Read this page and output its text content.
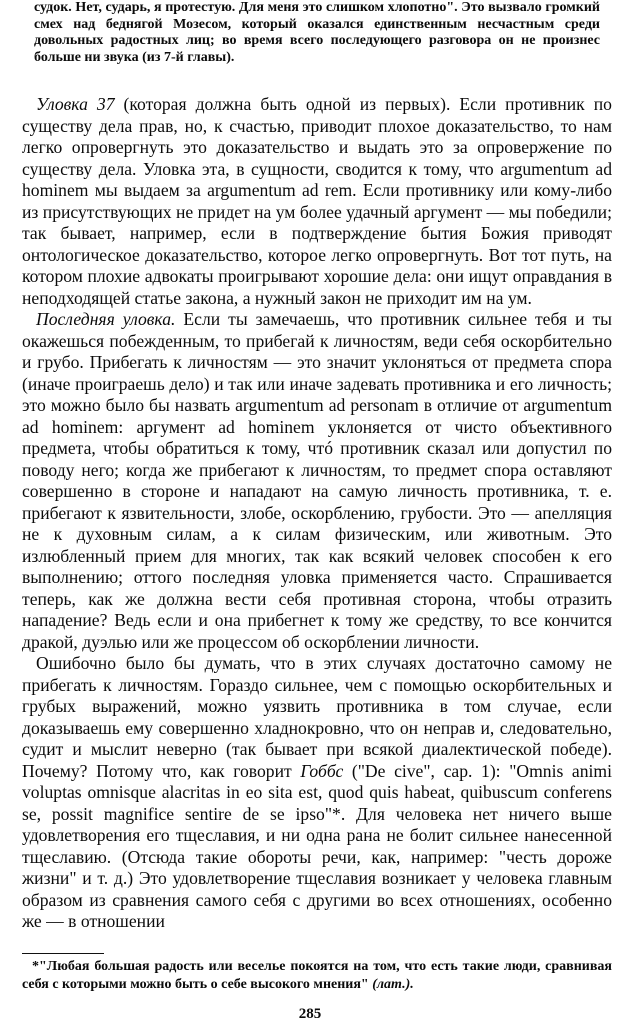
судок. Нет, сударь, я протестую. Для меня это слишком хлопотно". Это вызвало громкий смех над беднягой Мозесом, который оказался единственным несчастным среди довольных радостных лиц; во время всего последующего разговора он не произнес больше ни звука (из 7-й главы).

Уловка 37 (которая должна быть одной из первых). Если противник по существу дела прав, но, к счастью, приводит плохое доказательство, то нам легко опровергнуть это доказательство и выдать это за опровержение по существу дела. Уловка эта, в сущности, сводится к тому, что argumentum ad hominem мы выдаем за argumentum ad rem. Если противнику или кому-либо из присутствующих не придет на ум более удачный аргумент — мы победили; так бывает, например, если в подтверждение бытия Божия приводят онтологическое доказательство, которое легко опровергнуть. Вот тот путь, на котором плохие адвокаты проигрывают хорошие дела: они ищут оправдания в неподходящей статье закона, а нужный закон не приходит им на ум.

Последняя уловка. Если ты замечаешь, что противник сильнее тебя и ты окажешься побежденным, то прибегай к личностям, веди себя оскорбительно и грубо. Прибегать к личностям — это значит уклоняться от предмета спора (иначе проиграешь дело) и так или иначе задевать противника и его личность; это можно было бы назвать argumentum ad personam в отличие от argumentum ad hominem: аргумент ad hominem уклоняется от чисто объективного предмета, чтобы обратиться к тому, чтó противник сказал или допустил по поводу него; когда же прибегают к личностям, то предмет спора оставляют совершенно в стороне и нападают на самую личность противника, т. е. прибегают к язвительности, злобе, оскорблению, грубости. Это — апелляция не к духовным силам, а к силам физическим, или животным. Это излюбленный прием для многих, так как всякий человек способен к его выполнению; оттого последняя уловка применяется часто. Спрашивается теперь, как же должна вести себя противная сторона, чтобы отразить нападение? Ведь если и она прибегнет к тому же средству, то все кончится дракой, дуэлью или же процессом об оскорблении личности.

Ошибочно было бы думать, что в этих случаях достаточно самому не прибегать к личностям. Гораздо сильнее, чем с помощью оскорбительных и грубых выражений, можно уязвить противника в том случае, если доказываешь ему совершенно хладнокровно, что он неправ и, следовательно, судит и мыслит неверно (так бывает при всякой диалектической победе). Почему? Потому что, как говорит Гоббс ("De cive", cap. 1): "Omnis animi voluptas omnisque alacritas in eo sita est, quod quis habeat, quibuscum conferens se, possit magnifice sentire de se ipso"*. Для человека нет ничего выше удовлетворения его тщеславия, и ни одна рана не болит сильнее нанесенной тщеславию. (Отсюда такие обороты речи, как, например: "честь дороже жизни" и т. д.) Это удовлетворение тщеславия возникает у человека главным образом из сравнения самого себя с другими во всех отношениях, особенно же — в отношении

*"Любая большая радость или веселье покоятся на том, что есть такие люди, сравнивая себя с которыми можно быть о себе высокого мнения" (лат.).

285
